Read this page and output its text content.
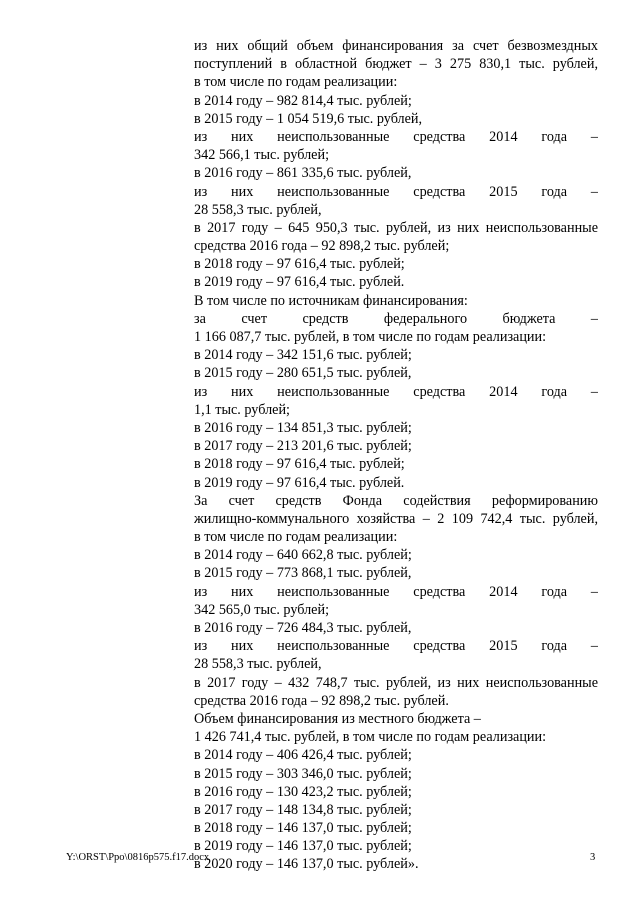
из них общий объем финансирования за счет безвозмездных
поступлений в областной бюджет – 3 275 830,1 тыс. рублей,
в том числе по годам реализации:
в 2014 году – 982 814,4 тыс. рублей;
в 2015 году – 1 054 519,6 тыс. рублей,
из них неиспользованные средства 2014 года –
342 566,1 тыс. рублей;
в 2016 году – 861 335,6 тыс. рублей,
из них неиспользованные средства 2015 года –
28 558,3 тыс. рублей,
в 2017 году – 645 950,3 тыс. рублей, из них неиспользованные
средства 2016 года – 92 898,2 тыс. рублей;
в 2018 году – 97 616,4 тыс. рублей;
в 2019 году – 97 616,4 тыс. рублей.
В том числе по источникам финансирования:
за счет средств федерального бюджета –
1 166 087,7 тыс. рублей, в том числе по годам реализации:
в 2014 году – 342 151,6 тыс. рублей;
в 2015 году – 280 651,5 тыс. рублей,
из них неиспользованные средства 2014 года –
1,1 тыс. рублей;
в 2016 году – 134 851,3 тыс. рублей;
в 2017 году – 213 201,6 тыс. рублей;
в 2018 году – 97 616,4 тыс. рублей;
в 2019 году – 97 616,4 тыс. рублей.
За счет средств Фонда содействия реформированию
жилищно-коммунального хозяйства – 2 109 742,4 тыс. рублей,
в том числе по годам реализации:
в 2014 году – 640 662,8 тыс. рублей;
в 2015 году – 773 868,1 тыс. рублей,
из них неиспользованные средства 2014 года –
342 565,0 тыс. рублей;
в 2016 году – 726 484,3 тыс. рублей,
из них неиспользованные средства 2015 года –
28 558,3 тыс. рублей,
в 2017 году – 432 748,7 тыс. рублей, из них неиспользованные
средства 2016 года – 92 898,2 тыс. рублей.
Объем финансирования из местного бюджета –
1 426 741,4 тыс. рублей, в том числе по годам реализации:
в 2014 году – 406 426,4 тыс. рублей;
в 2015 году – 303 346,0 тыс. рублей;
в 2016 году – 130 423,2 тыс. рублей;
в 2017 году – 148 134,8 тыс. рублей;
в 2018 году – 146 137,0 тыс. рублей;
в 2019 году – 146 137,0 тыс. рублей;
в 2020 году – 146 137,0 тыс. рублей».
Y:\ORST\Ppo\0816p575.f17.docx	3
